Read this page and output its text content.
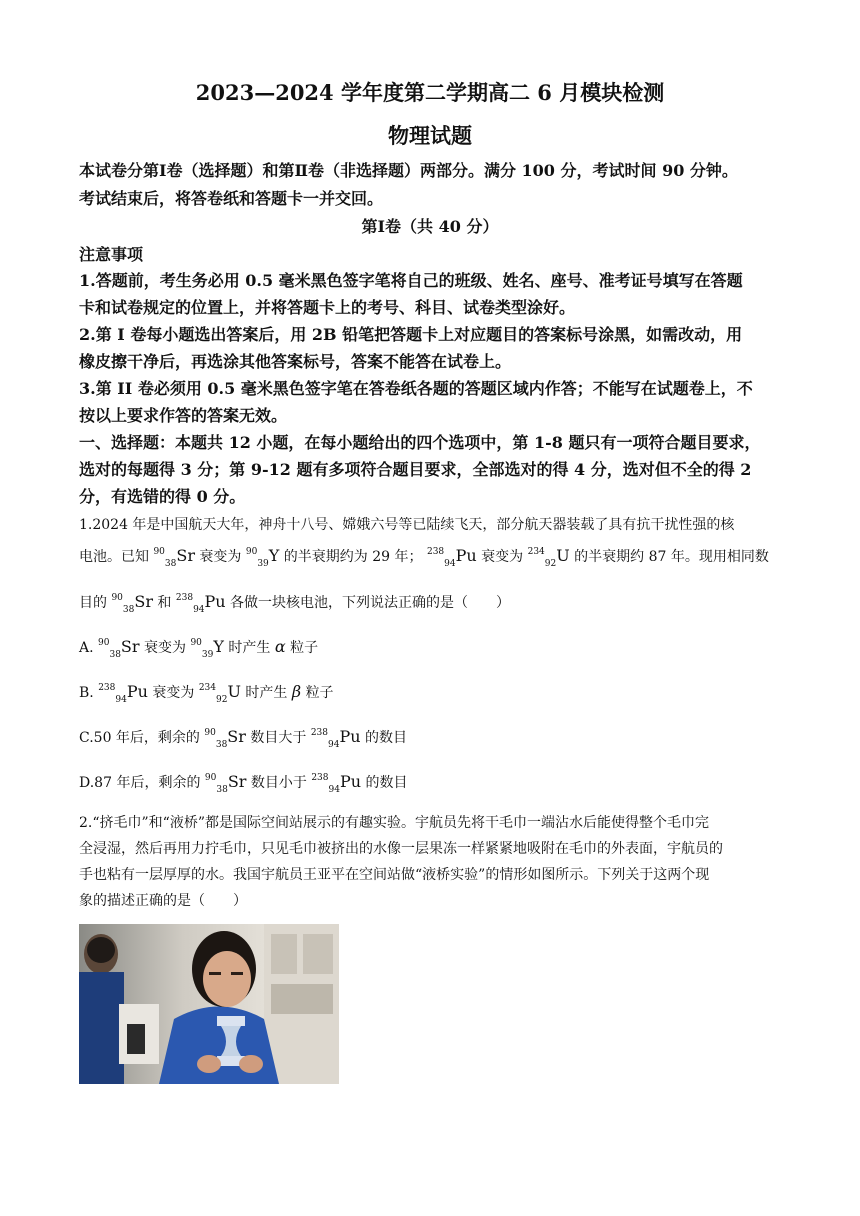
2023—2024 学年度第二学期高二 6 月模块检测
物理试题
本试卷分第Ⅰ卷（选择题）和第Ⅱ卷（非选择题）两部分。满分 100 分，考试时间 90 分钟。
考试结束后，将答卷纸和答题卡一并交回。
第Ⅰ卷（共 40 分）
注意事项
1.答题前，考生务必用 0.5 毫米黑色签字笔将自己的班级、姓名、座号、准考证号填写在答题
卡和试卷规定的位置上，并将答题卡上的考号、科目、试卷类型涂好。
2.第 I 卷每小题选出答案后，用 2B 铅笔把答题卡上对应题目的答案标号涂黑，如需改动，用
橡皮擦干净后，再选涂其他答案标号，答案不能答在试卷上。
3.第 II 卷必须用 0.5 毫米黑色签字笔在答卷纸各题的答题区域内作答；不能写在试题卷上，不
按以上要求作答的答案无效。
一、选择题：本题共 12 小题，在每小题给出的四个选项中，第 1-8 题只有一项符合题目要求，
选对的每题得 3 分；第 9-12 题有多项符合题目要求，全部选对的得 4 分，选对但不全的得 2
分，有选错的得 0 分。
1.2024 年是中国航天大年，神舟十八号、嫦娥六号等已陆续飞天，部分航天器装载了具有抗干扰性强的核
电池。已知 $^{90}_{38}$Sr 衰变为 $^{90}_{39}$Y 的半衰期约为 29 年； $^{238}_{94}$Pu 衰变为 $^{234}_{92}$U 的半衰期约 87 年。现用相同数
目的 $^{90}_{38}$Sr 和 $^{238}_{94}$Pu 各做一块核电池，下列说法正确的是（　　）
A. $^{90}_{38}$Sr 衰变为 $^{90}_{39}$Y 时产生 α 粒子
B. $^{238}_{94}$Pu 衰变为 $^{234}_{92}$U 时产生 β 粒子
C.50 年后，剩余的 $^{90}_{38}$Sr 数目大于 $^{238}_{94}$Pu 的数目
D.87 年后，剩余的 $^{90}_{38}$Sr 数目小于 $^{238}_{94}$Pu 的数目
2.“挤毛巾”和“液桥”都是国际空间站展示的有趣实验。宇航员先将干毛巾一端沾水后能使得整个毛巾完
全浸湿，然后再用力拧毛巾，只见毛巾被挤出的水像一层果冻一样紧紧地吸附在毛巾的外表面，宇航员的
手也粘有一层厚厚的水。我国宇航员王亚平在空间站做“液桥实验”的情形如图所示。下列关于这两个现
象的描述正确的是（　　）
